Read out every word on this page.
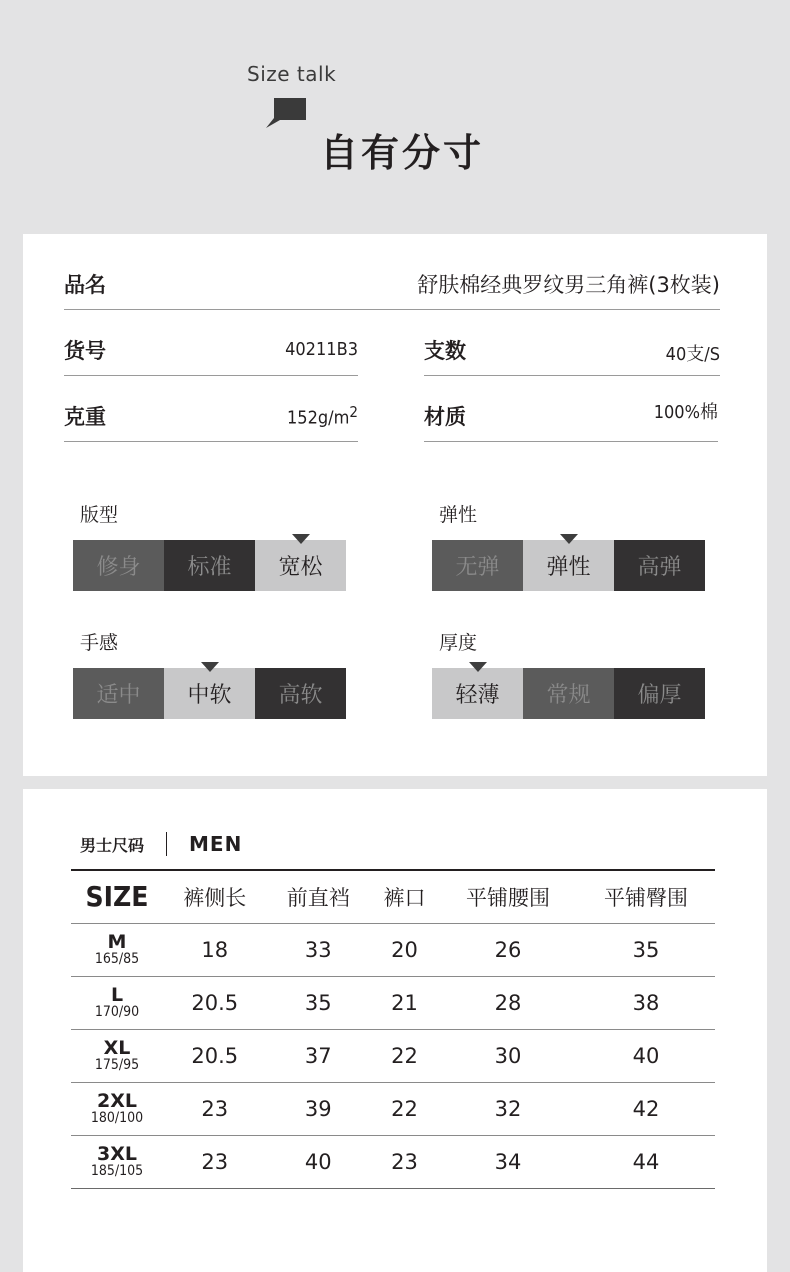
Size talk
自有分寸
品名	舒肤棉经典罗纹男三角裤(3枚装)
货号	40211B3	支数	40支/S
克重	$152g/m^2$	材质	100%棉
版型
修身	标准	宽松
弹性
无弹	弹性	高弹
手感
适中	中软	高软
厚度
轻薄	常规	偏厚
男士尺码 MEN
SIZE	裤侧长	前直裆	裤口	平铺腰围	平铺臀围

M
165/85	18	33	20	26	35

L
170/90	20.5	35	21	28	38

XL
175/95	20.5	37	22	30	40

2XL
180/100	23	39	22	32	42

3XL
185/105	23	40	23	34	44
